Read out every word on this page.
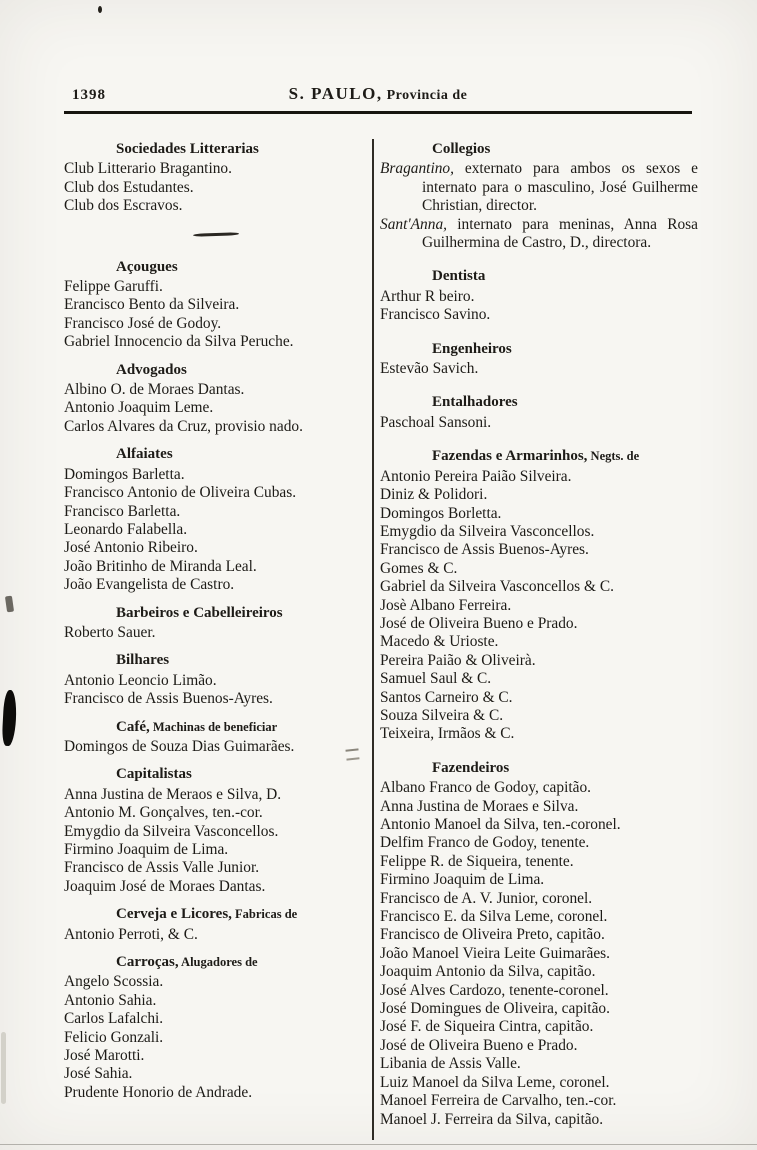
1398	S. PAULO, Provincia de
Sociedades Litterarias

Club Litterario Bragantino.

Club dos Estudantes.

Club dos Escravos.

Açougues

Felippe Garuffi.

Erancisco Bento da Silveira.

Francisco José de Godoy.

Gabriel Innocencio da Silva Peruche.

Advogados

Albino O. de Moraes Dantas.

Antonio Joaquim Leme.

Carlos Alvares da Cruz, provisio nado.

Alfaiates

Domingos Barletta.

Francisco Antonio de Oliveira Cubas.

Francisco Barletta.

Leonardo Falabella.

José Antonio Ribeiro.

João Britinho de Miranda Leal.

João Evangelista de Castro.

Barbeiros e Cabelleireiros

Roberto Sauer.

Bilhares

Antonio Leoncio Limão.

Francisco de Assis Buenos-Ayres.

Café, Machinas de beneficiar

Domingos de Souza Dias Guimarães.

Capitalistas

Anna Justina de Meraos e Silva, D.

Antonio M. Gonçalves, ten.-cor.

Emygdio da Silveira Vasconcellos.

Firmino Joaquim de Lima.

Francisco de Assis Valle Junior.

Joaquim José de Moraes Dantas.

Cerveja e Licores, Fabricas de

Antonio Perroti, & C.

Carroças, Alugadores de

Angelo Scossia.

Antonio Sahia.

Carlos Lafalchi.

Felicio Gonzali.

José Marotti.

José Sahia.

Prudente Honorio de Andrade.

Collegios

Bragantino, externato para ambos os sexos e internato para o masculino, José Guilherme Christian, director.

Sant'Anna, internato para meninas, Anna Rosa Guilhermina de Castro, D., directora.

Dentista

Arthur R beiro.

Francisco Savino.

Engenheiros

Estevão Savich.

Entalhadores

Paschoal Sansoni.

Fazendas e Armarinhos, Negts. de

Antonio Pereira Paião Silveira.

Diniz & Polidori.

Domingos Borletta.

Emygdio da Silveira Vasconcellos.

Francisco de Assis Buenos-Ayres.

Gomes & C.

Gabriel da Silveira Vasconcellos & C.

Josè Albano Ferreira.

José de Oliveira Bueno e Prado.

Macedo & Urioste.

Pereira Paião & Oliveirà.

Samuel Saul & C.

Santos Carneiro & C.

Souza Silveira & C.

Teixeira, Irmãos & C.

Fazendeiros

Albano Franco de Godoy, capitão.

Anna Justina de Moraes e Silva.

Antonio Manoel da Silva, ten.-coronel.

Delfim Franco de Godoy, tenente.

Felippe R. de Siqueira, tenente.

Firmino Joaquim de Lima.

Francisco de A. V. Junior, coronel.

Francisco E. da Silva Leme, coronel.

Francisco de Oliveira Preto, capitão.

João Manoel Vieira Leite Guimarães.

Joaquim Antonio da Silva, capitão.

José Alves Cardozo, tenente-coronel.

José Domingues de Oliveira, capitão.

José F. de Siqueira Cintra, capitão.

José de Oliveira Bueno e Prado.

Libania de Assis Valle.

Luiz Manoel da Silva Leme, coronel.

Manoel Ferreira de Carvalho, ten.-cor.

Manoel J. Ferreira da Silva, capitão.
